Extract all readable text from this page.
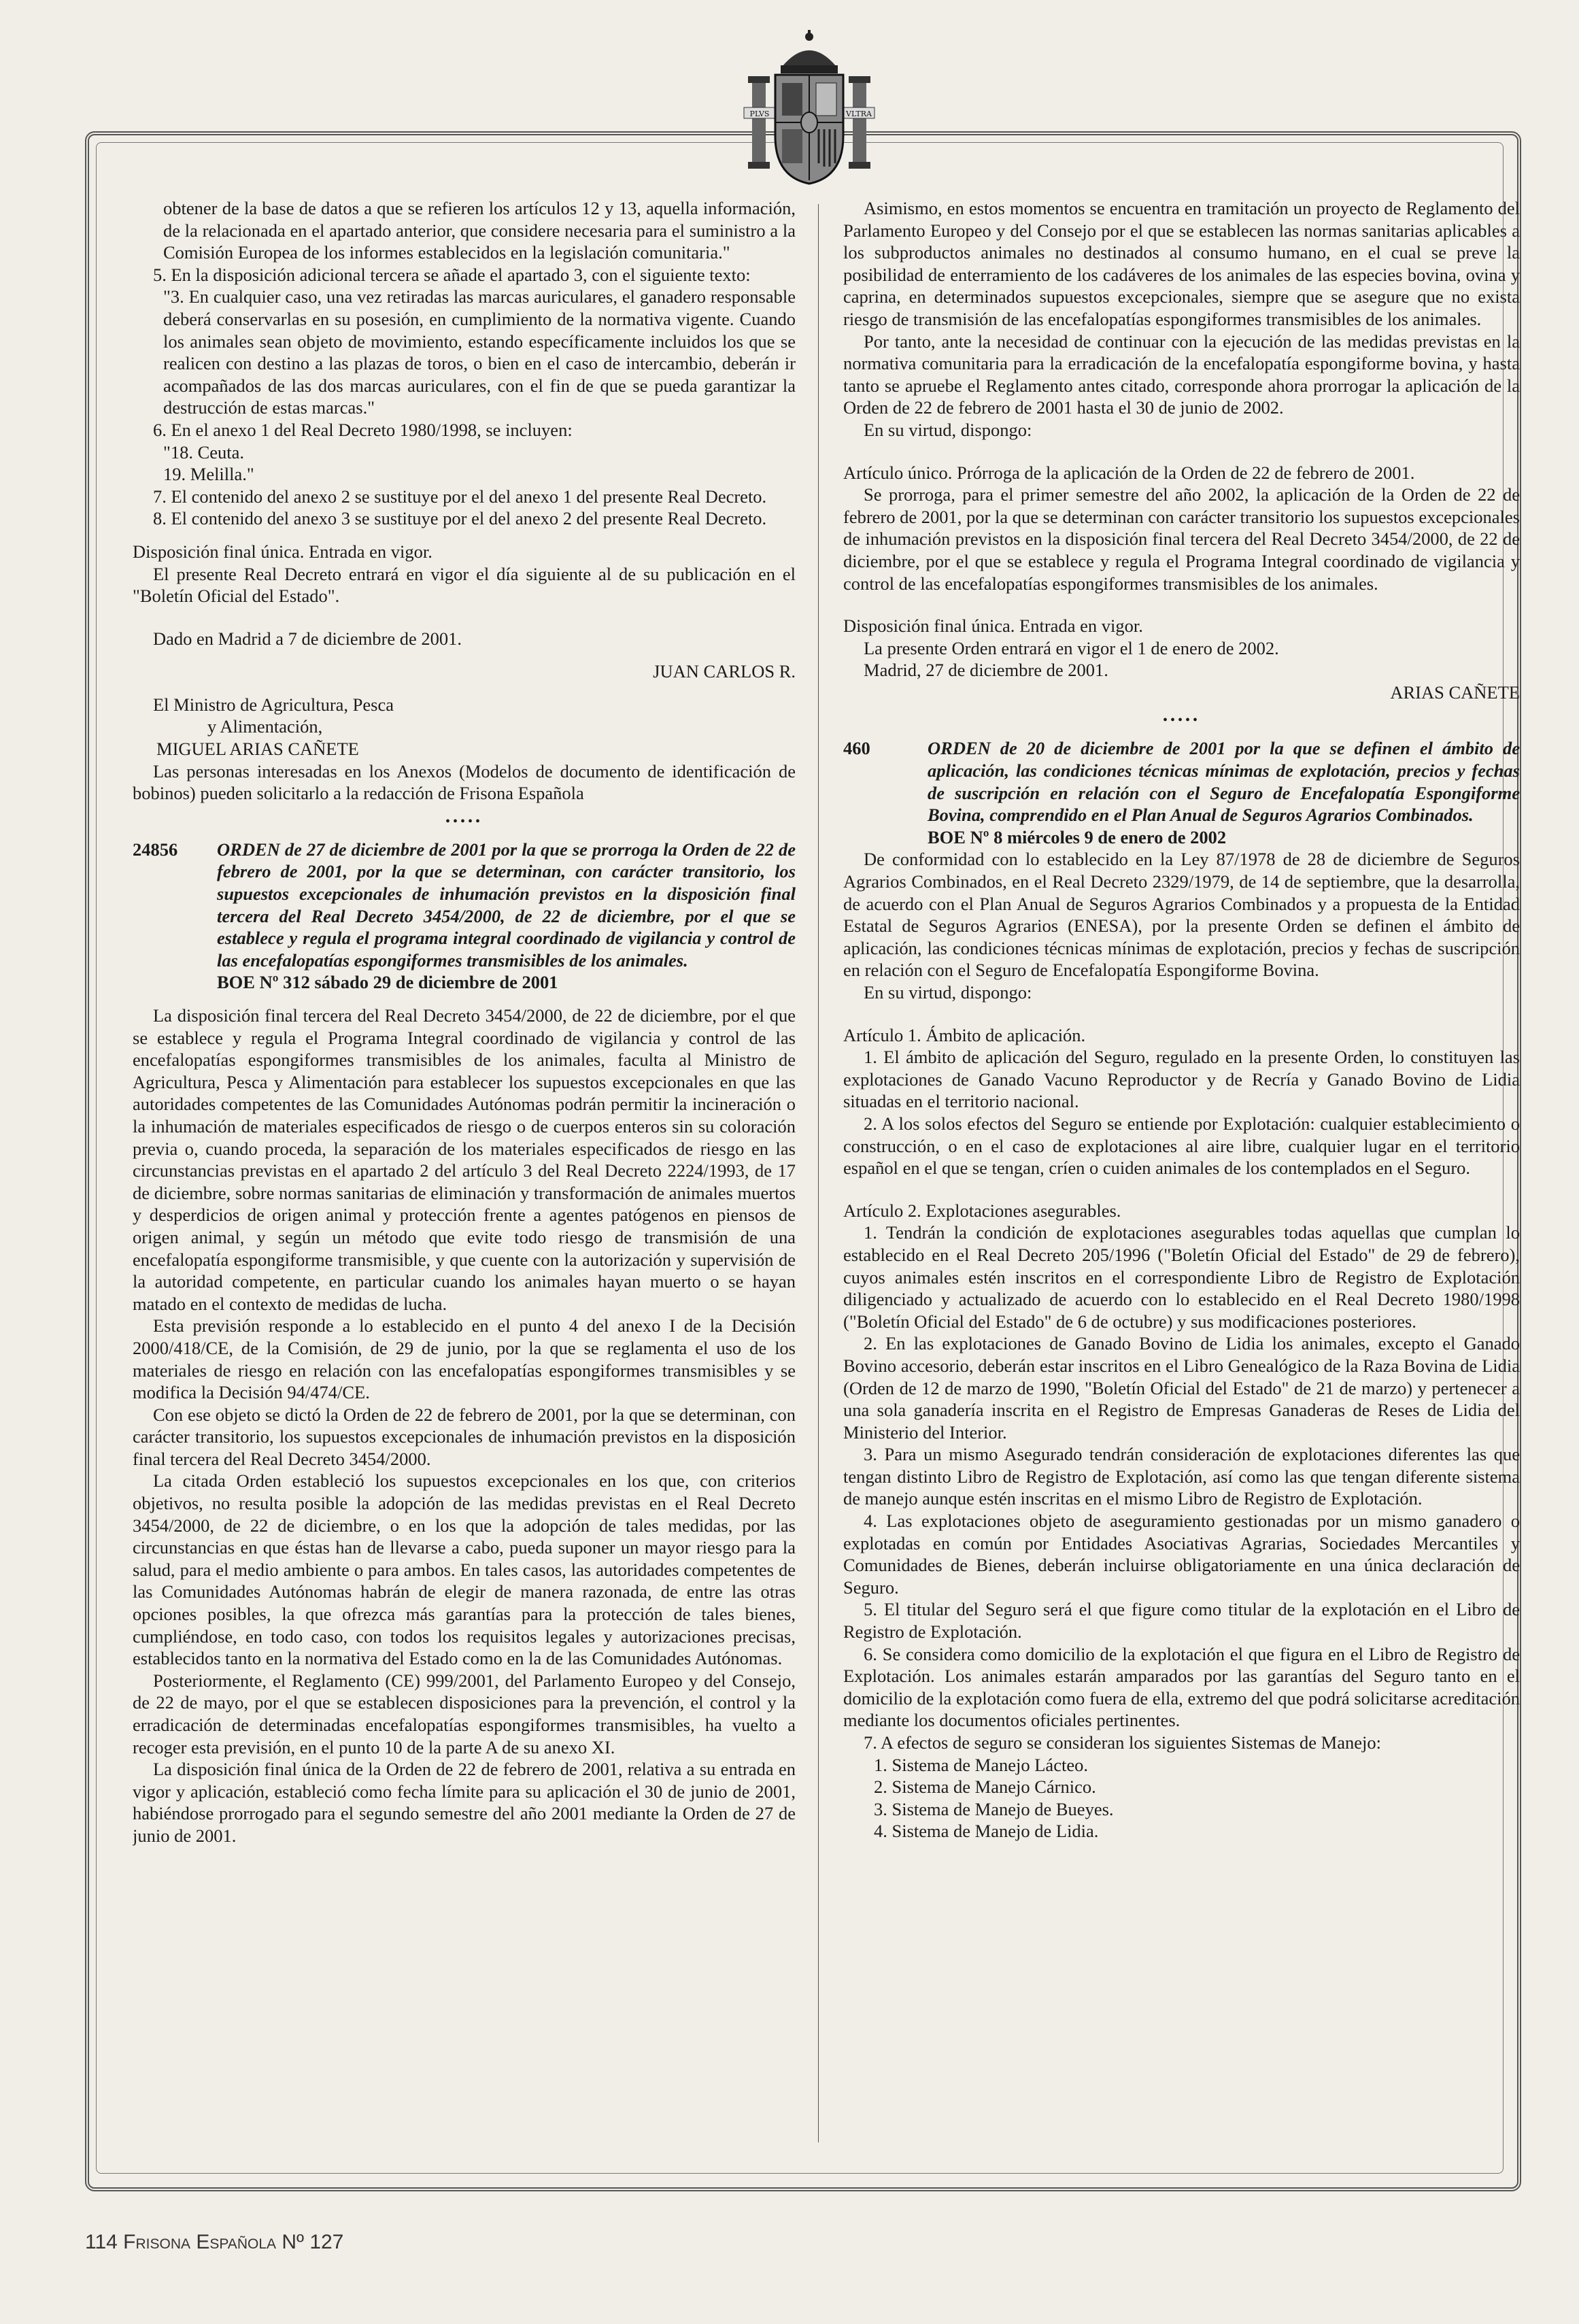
PLVS	VLTRA

obtener de la base de datos a que se refieren los artículos 12 y 13, aquella información, de la relacionada en el apartado anterior, que considere necesaria para el suministro a la Comisión Europea de los informes establecidos en la legislación comunitaria."

5. En la disposición adicional tercera se añade el apartado 3, con el siguiente texto:

"3. En cualquier caso, una vez retiradas las marcas auriculares, el ganadero responsable deberá conservarlas en su posesión, en cumplimiento de la normativa vigente. Cuando los animales sean objeto de movimiento, estando específicamente incluidos los que se realicen con destino a las plazas de toros, o bien en el caso de intercambio, deberán ir acompañados de las dos marcas auriculares, con el fin de que se pueda garantizar la destrucción de estas marcas."

6. En el anexo 1 del Real Decreto 1980/1998, se incluyen:

"18. Ceuta.

19. Melilla."

7. El contenido del anexo 2 se sustituye por el del anexo 1 del presente Real Decreto.

8. El contenido del anexo 3 se sustituye por el del anexo 2 del presente Real Decreto.

Disposición final única. Entrada en vigor.

El presente Real Decreto entrará en vigor el día siguiente al de su publicación en el "Boletín Oficial del Estado".

Dado en Madrid a 7 de diciembre de 2001.

JUAN CARLOS R.

El Ministro de Agricultura, Pesca

y Alimentación,

MIGUEL ARIAS CAÑETE

Las personas interesadas en los Anexos (Modelos de documento de identificación de bobinos) pueden solicitarlo a la redacción de Frisona Española

•••••
24856	ORDEN de 27 de diciembre de 2001 por la que se prorroga la Orden de 22 de febrero de 2001, por la que se determinan, con carácter transitorio, los supuestos excepcionales de inhumación previstos en la disposición final tercera del Real Decreto 3454/2000, de 22 de diciembre, por el que se establece y regula el programa integral coordinado de vigilancia y control de las encefalopatías espongiformes transmisibles de los animales.
BOE Nº 312 sábado 29 de diciembre de 2001

La disposición final tercera del Real Decreto 3454/2000, de 22 de diciembre, por el que se establece y regula el Programa Integral coordinado de vigilancia y control de las encefalopatías espongiformes transmisibles de los animales, faculta al Ministro de Agricultura, Pesca y Alimentación para establecer los supuestos excepcionales en que las autoridades competentes de las Comunidades Autónomas podrán permitir la incineración o la inhumación de materiales especificados de riesgo o de cuerpos enteros sin su coloración previa o, cuando proceda, la separación de los materiales especificados de riesgo en las circunstancias previstas en el apartado 2 del artículo 3 del Real Decreto 2224/1993, de 17 de diciembre, sobre normas sanitarias de eliminación y transformación de animales muertos y desperdicios de origen animal y protección frente a agentes patógenos en piensos de origen animal, y según un método que evite todo riesgo de transmisión de una encefalopatía espongiforme transmisible, y que cuente con la autorización y supervisión de la autoridad competente, en particular cuando los animales hayan muerto o se hayan matado en el contexto de medidas de lucha.

Esta previsión responde a lo establecido en el punto 4 del anexo I de la Decisión 2000/418/CE, de la Comisión, de 29 de junio, por la que se reglamenta el uso de los materiales de riesgo en relación con las encefalopatías espongiformes transmisibles y se modifica la Decisión 94/474/CE.

Con ese objeto se dictó la Orden de 22 de febrero de 2001, por la que se determinan, con carácter transitorio, los supuestos excepcionales de inhumación previstos en la disposición final tercera del Real Decreto 3454/2000.

La citada Orden estableció los supuestos excepcionales en los que, con criterios objetivos, no resulta posible la adopción de las medidas previstas en el Real Decreto 3454/2000, de 22 de diciembre, o en los que la adopción de tales medidas, por las circunstancias en que éstas han de llevarse a cabo, pueda suponer un mayor riesgo para la salud, para el medio ambiente o para ambos. En tales casos, las autoridades competentes de las Comunidades Autónomas habrán de elegir de manera razonada, de entre las otras opciones posibles, la que ofrezca más garantías para la protección de tales bienes, cumpliéndose, en todo caso, con todos los requisitos legales y autorizaciones precisas, establecidos tanto en la normativa del Estado como en la de las Comunidades Autónomas.

Posteriormente, el Reglamento (CE) 999/2001, del Parlamento Europeo y del Consejo, de 22 de mayo, por el que se establecen disposiciones para la prevención, el control y la erradicación de determinadas encefalopatías espongiformes transmisibles, ha vuelto a recoger esta previsión, en el punto 10 de la parte A de su anexo XI.

La disposición final única de la Orden de 22 de febrero de 2001, relativa a su entrada en vigor y aplicación, estableció como fecha límite para su aplicación el 30 de junio de 2001, habiéndose prorrogado para el segundo semestre del año 2001 mediante la Orden de 27 de junio de 2001.

Asimismo, en estos momentos se encuentra en tramitación un proyecto de Reglamento del Parlamento Europeo y del Consejo por el que se establecen las normas sanitarias aplicables a los subproductos animales no destinados al consumo humano, en el cual se preve la posibilidad de enterramiento de los cadáveres de los animales de las especies bovina, ovina y caprina, en determinados supuestos excepcionales, siempre que se asegure que no exista riesgo de transmisión de las encefalopatías espongiformes transmisibles de los animales.

Por tanto, ante la necesidad de continuar con la ejecución de las medidas previstas en la normativa comunitaria para la erradicación de la encefalopatía espongiforme bovina, y hasta tanto se apruebe el Reglamento antes citado, corresponde ahora prorrogar la aplicación de la Orden de 22 de febrero de 2001 hasta el 30 de junio de 2002.

En su virtud, dispongo:

Artículo único. Prórroga de la aplicación de la Orden de 22 de febrero de 2001.

Se prorroga, para el primer semestre del año 2002, la aplicación de la Orden de 22 de febrero de 2001, por la que se determinan con carácter transitorio los supuestos excepcionales de inhumación previstos en la disposición final tercera del Real Decreto 3454/2000, de 22 de diciembre, por el que se establece y regula el Programa Integral coordinado de vigilancia y control de las encefalopatías espongiformes transmisibles de los animales.

Disposición final única. Entrada en vigor.

La presente Orden entrará en vigor el 1 de enero de 2002.

Madrid, 27 de diciembre de 2001.

ARIAS CAÑETE

•••••
460	ORDEN de 20 de diciembre de 2001 por la que se definen el ámbito de aplicación, las condiciones técnicas mínimas de explotación, precios y fechas de suscripción en relación con el Seguro de Encefalopatía Espongiforme Bovina, comprendido en el Plan Anual de Seguros Agrarios Combinados.
BOE Nº 8 miércoles 9 de enero de 2002

De conformidad con lo establecido en la Ley 87/1978 de 28 de diciembre de Seguros Agrarios Combinados, en el Real Decreto 2329/1979, de 14 de septiembre, que la desarrolla, de acuerdo con el Plan Anual de Seguros Agrarios Combinados y a propuesta de la Entidad Estatal de Seguros Agrarios (ENESA), por la presente Orden se definen el ámbito de aplicación, las condiciones técnicas mínimas de explotación, precios y fechas de suscripción en relación con el Seguro de Encefalopatía Espongiforme Bovina.

En su virtud, dispongo:

Artículo 1. Ámbito de aplicación.

1. El ámbito de aplicación del Seguro, regulado en la presente Orden, lo constituyen las explotaciones de Ganado Vacuno Reproductor y de Recría y Ganado Bovino de Lidia situadas en el territorio nacional.

2. A los solos efectos del Seguro se entiende por Explotación: cualquier establecimiento o construcción, o en el caso de explotaciones al aire libre, cualquier lugar en el territorio español en el que se tengan, críen o cuiden animales de los contemplados en el Seguro.

Artículo 2. Explotaciones asegurables.

1. Tendrán la condición de explotaciones asegurables todas aquellas que cumplan lo establecido en el Real Decreto 205/1996 ("Boletín Oficial del Estado" de 29 de febrero), cuyos animales estén inscritos en el correspondiente Libro de Registro de Explotación diligenciado y actualizado de acuerdo con lo establecido en el Real Decreto 1980/1998 ("Boletín Oficial del Estado" de 6 de octubre) y sus modificaciones posteriores.

2. En las explotaciones de Ganado Bovino de Lidia los animales, excepto el Ganado Bovino accesorio, deberán estar inscritos en el Libro Genealógico de la Raza Bovina de Lidia (Orden de 12 de marzo de 1990, "Boletín Oficial del Estado" de 21 de marzo) y pertenecer a una sola ganadería inscrita en el Registro de Empresas Ganaderas de Reses de Lidia del Ministerio del Interior.

3. Para un mismo Asegurado tendrán consideración de explotaciones diferentes las que tengan distinto Libro de Registro de Explotación, así como las que tengan diferente sistema de manejo aunque estén inscritas en el mismo Libro de Registro de Explotación.

4. Las explotaciones objeto de aseguramiento gestionadas por un mismo ganadero o explotadas en común por Entidades Asociativas Agrarias, Sociedades Mercantiles y Comunidades de Bienes, deberán incluirse obligatoriamente en una única declaración de Seguro.

5. El titular del Seguro será el que figure como titular de la explotación en el Libro de Registro de Explotación.

6. Se considera como domicilio de la explotación el que figura en el Libro de Registro de Explotación. Los animales estarán amparados por las garantías del Seguro tanto en el domicilio de la explotación como fuera de ella, extremo del que podrá solicitarse acreditación mediante los documentos oficiales pertinentes.

7. A efectos de seguro se consideran los siguientes Sistemas de Manejo:

1. Sistema de Manejo Lácteo.

2. Sistema de Manejo Cárnico.

3. Sistema de Manejo de Bueyes.

4. Sistema de Manejo de Lidia.

114 Frisona Española Nº 127
